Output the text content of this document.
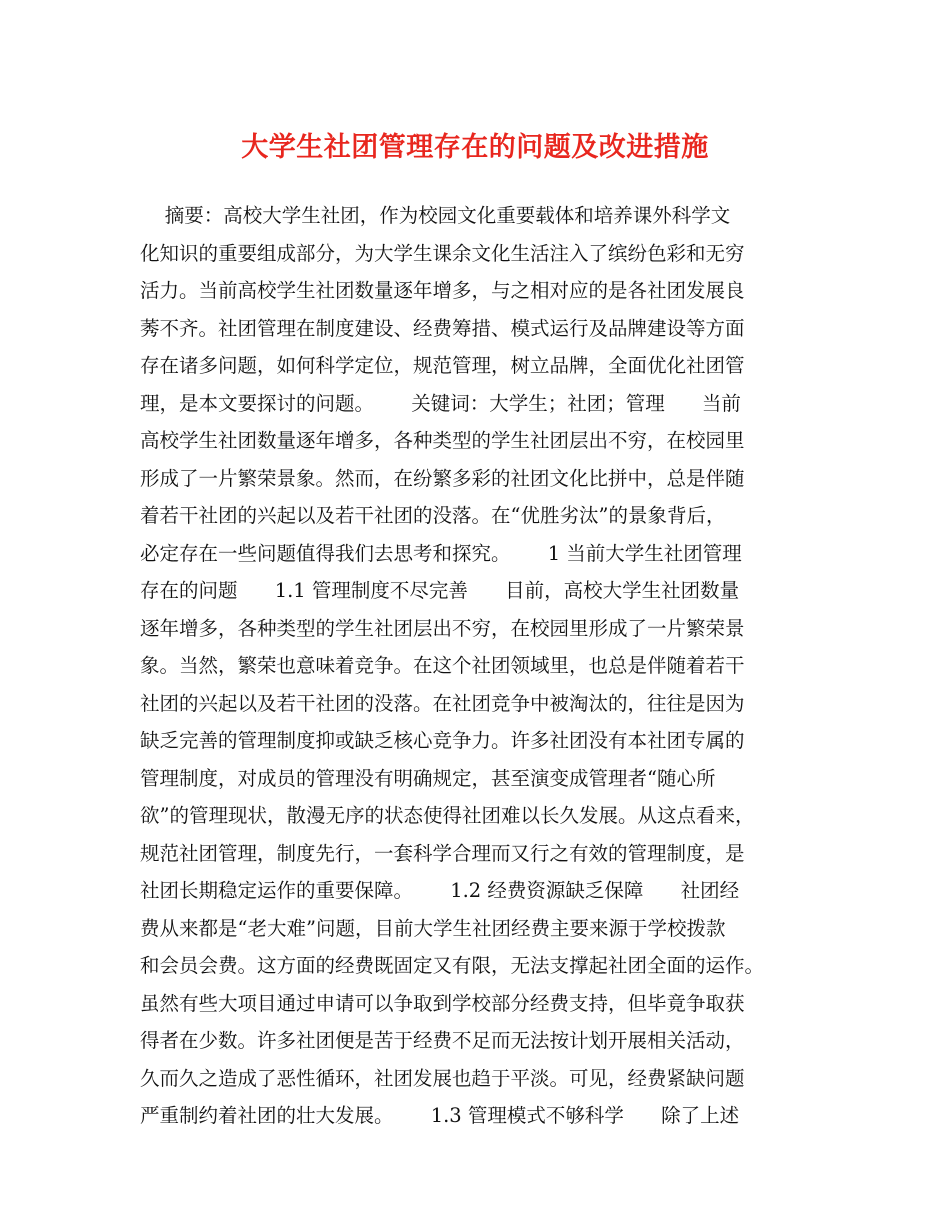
大学生社团管理存在的问题及改进措施
摘要：高校大学生社团，作为校园文化重要载体和培养课外科学文
化知识的重要组成部分，为大学生课余文化生活注入了缤纷色彩和无穷
活力。当前高校学生社团数量逐年增多，与之相对应的是各社团发展良
莠不齐。社团管理在制度建设、经费筹措、模式运行及品牌建设等方面
存在诸多问题，如何科学定位，规范管理，树立品牌，全面优化社团管
理，是本文要探讨的问题。      关键词：大学生；社团；管理      当前
高校学生社团数量逐年增多，各种类型的学生社团层出不穷，在校园里
形成了一片繁荣景象。然而，在纷繁多彩的社团文化比拼中，总是伴随
着若干社团的兴起以及若干社团的没落。在“优胜劣汰”的景象背后，
必定存在一些问题值得我们去思考和探究。      1 当前大学生社团管理
存在的问题      1.1 管理制度不尽完善      目前，高校大学生社团数量
逐年增多，各种类型的学生社团层出不穷，在校园里形成了一片繁荣景
象。当然，繁荣也意味着竞争。在这个社团领域里，也总是伴随着若干
社团的兴起以及若干社团的没落。在社团竞争中被淘汰的，往往是因为
缺乏完善的管理制度抑或缺乏核心竞争力。许多社团没有本社团专属的
管理制度，对成员的管理没有明确规定，甚至演变成管理者“随心所
欲”的管理现状，散漫无序的状态使得社团难以长久发展。从这点看来，
规范社团管理，制度先行，一套科学合理而又行之有效的管理制度，是
社团长期稳定运作的重要保障。      1.2 经费资源缺乏保障      社团经
费从来都是“老大难”问题，目前大学生社团经费主要来源于学校拨款
和会员会费。这方面的经费既固定又有限，无法支撑起社团全面的运作。
虽然有些大项目通过申请可以争取到学校部分经费支持，但毕竟争取获
得者在少数。许多社团便是苦于经费不足而无法按计划开展相关活动，
久而久之造成了恶性循环，社团发展也趋于平淡。可见，经费紧缺问题
严重制约着社团的壮大发展。      1.3 管理模式不够科学      除了上述
